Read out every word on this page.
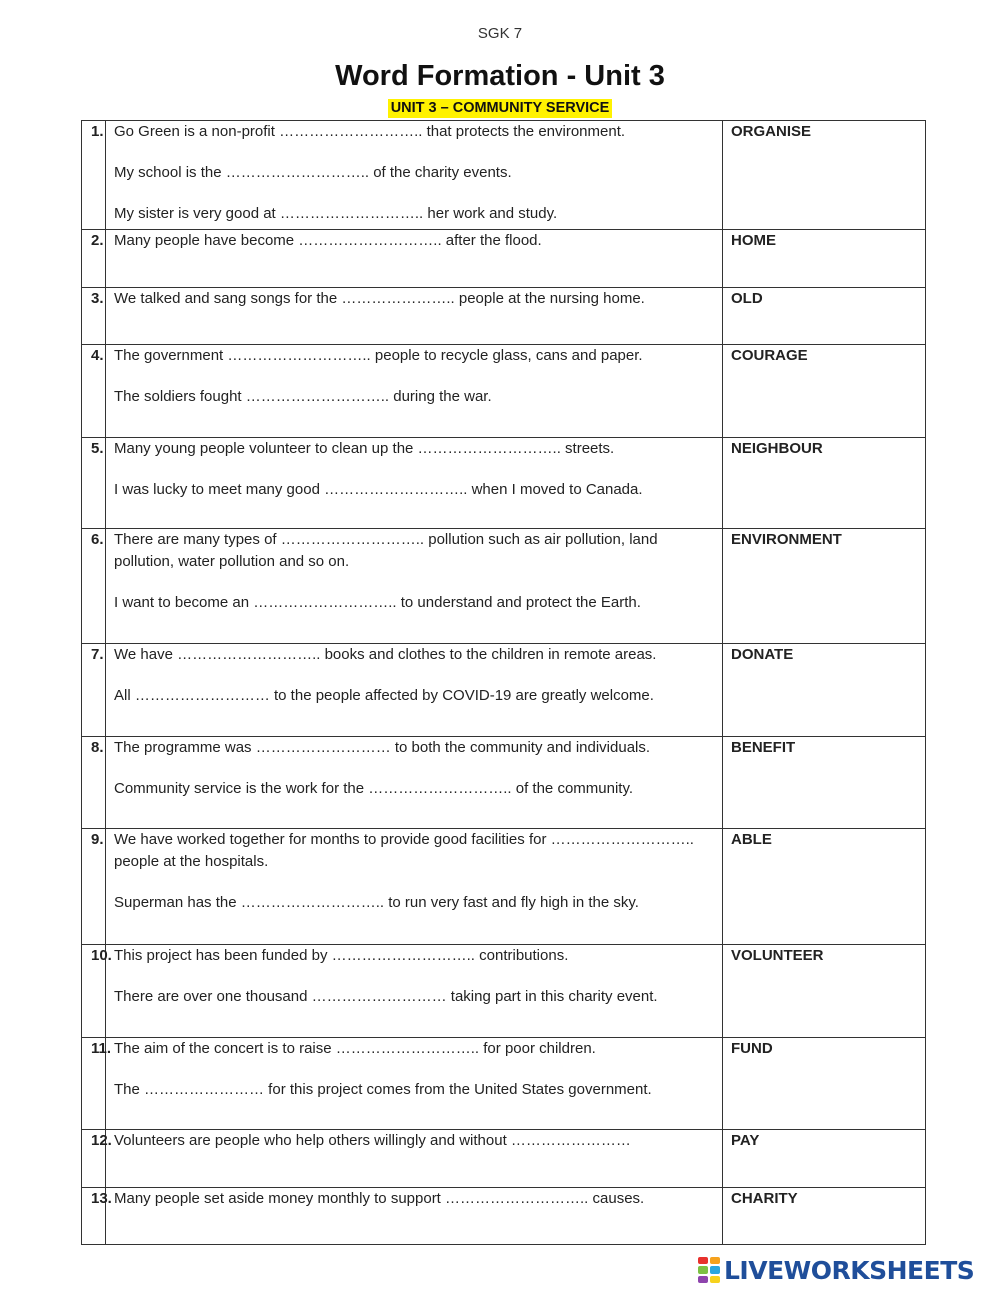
SGK 7
Word Formation - Unit 3
UNIT 3 – COMMUNITY SERVICE
1.	Go Green is a non-profit ……………………….. that protects the environment.

My school is the ……………………….. of the charity events.

My sister is very good at ……………………….. her work and study.	ORGANISE
2.	Many people have become ……………………….. after the flood.	HOME
3.	We talked and sang songs for the ………………….. people at the nursing home.	OLD
4.	The government ……………………….. people to recycle glass, cans and paper.

The soldiers fought ……………………….. during the war.	COURAGE
5.	Many young people volunteer to clean up the ……………………….. streets.

I was lucky to meet many good ……………………….. when I moved to Canada.	NEIGHBOUR
6.	There are many types of ……………………….. pollution such as air pollution, land pollution, water pollution and so on.

I want to become an ……………………….. to understand and protect the Earth.	ENVIRONMENT
7.	We have ……………………….. books and clothes to the children in remote areas.

All ……………………… to the people affected by COVID-19 are greatly welcome.	DONATE
8.	The programme was ……………………… to both the community and individuals.

Community service is the work for the ……………………….. of the community.	BENEFIT
9.	We have worked together for months to provide good facilities for ……………………….. people at the hospitals.

Superman has the ……………………….. to run very fast and fly high in the sky.	ABLE
10.	This project has been funded by ……………………….. contributions.

There are over one thousand ……………………… taking part in this charity event.	VOLUNTEER
11.	The aim of the concert is to raise ……………………….. for poor children.

The …………………… for this project comes from the United States government.	FUND
12.	Volunteers are people who help others willingly and without ……………………	PAY
13.	Many people set aside money monthly to support ……………………….. causes.	CHARITY
LIVEWORKSHEETS
